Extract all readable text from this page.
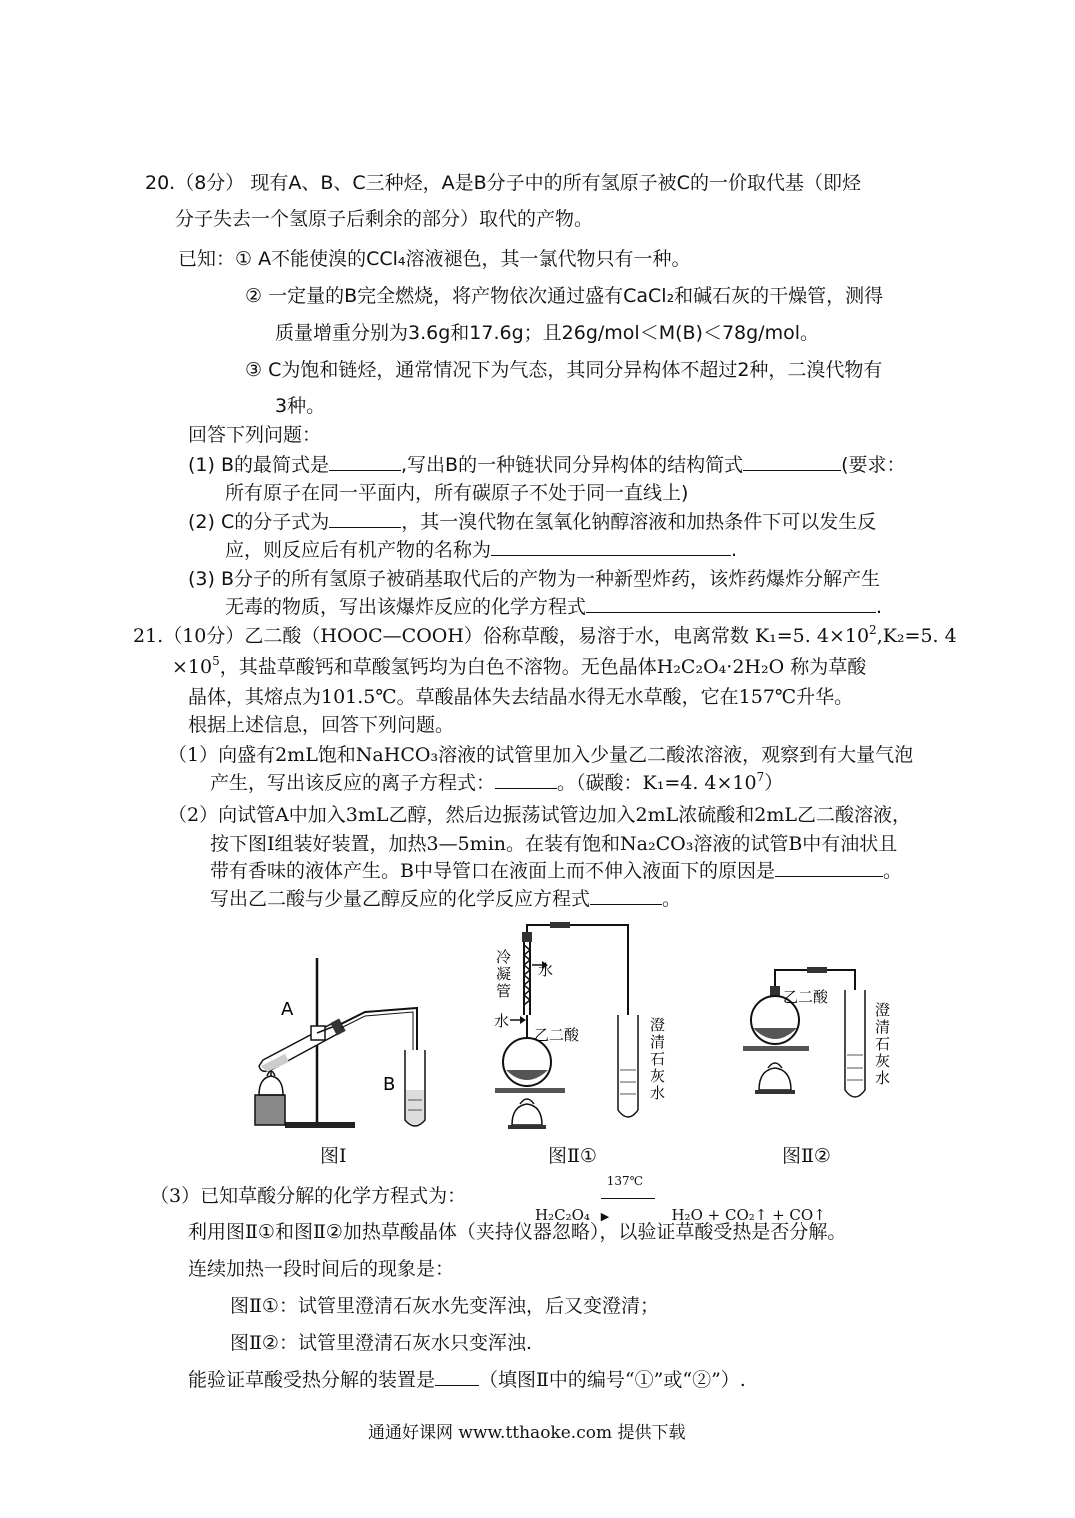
20.（8分） 现有A、B、C三种烃，A是B分子中的所有氢原子被C的一价取代基（即烃
分子失去一个氢原子后剩余的部分）取代的产物。
已知：① A不能使溴的CCl₄溶液褪色，其一氯代物只有一种。
② 一定量的B完全燃烧，将产物依次通过盛有CaCl₂和碱石灰的干燥管，测得
质量增重分别为3.6g和17.6g；且26g/mol＜M(B)＜78g/mol。
③ C为饱和链烃，通常情况下为气态，其同分异构体不超过2种，二溴代物有
3种。
回答下列问题：
(1) B的最简式是	,写出B的一种链状同分异构体的结构简式	(要求：
所有原子在同一平面内，所有碳原子不处于同一直线上)
(2) C的分子式为	，其一溴代物在氢氧化钠醇溶液和加热条件下可以发生反
应，则反应后有机产物的名称为	.
(3) B分子的所有氢原子被硝基取代后的产物为一种新型炸药，该炸药爆炸分解产生
无毒的物质，写出该爆炸反应的化学方程式	.
21.（10分）乙二酸（HOOC—COOH）俗称草酸，易溶于水，电离常数 K₁=5. $4\times 10^2,K_2=5$. 4
$\times 10^5$，其盐草酸钙和草酸氢钙均为白色不溶物。无色晶体H₂C₂O₄·2H₂O 称为草酸
晶体，其熔点为101.5℃。草酸晶体失去结晶水得无水草酸，它在157℃升华。
根据上述信息，回答下列问题。
（1）向盛有2mL饱和NaHCO₃溶液的试管里加入少量乙二酸浓溶液，观察到有大量气泡
产生，写出该反应的离子方程式：	。（碳酸：K₁=4. $4\times 10^7$）
（2）向试管A中加入3mL乙醇，然后边振荡试管边加入2mL浓硫酸和2mL乙二酸溶液，
按下图Ⅰ组装好装置，加热3—5min。在装有饱和Na₂CO₃溶液的试管B中有油状且
带有香味的液体产生。B中导管口在液面上而不伸入液面下的原因是	。
写出乙二酸与少量乙醇反应的化学反应方程式	。
A
B
图Ⅰ
水
水
乙二酸
冷凝管
澄清石灰水
图Ⅱ①
乙二酸
澄清石灰水
图Ⅱ②
（3）已知草酸分解的化学方程式为：
H₂C₂O₄
137℃
▶	H₂O + CO₂↑ + CO↑
利用图Ⅱ①和图Ⅱ②加热草酸晶体（夹持仪器忽略），以验证草酸受热是否分解。
连续加热一段时间后的现象是：
图Ⅱ①：试管里澄清石灰水先变浑浊，后又变澄清；
图Ⅱ②：试管里澄清石灰水只变浑浊.
能验证草酸受热分解的装置是 （填图Ⅱ中的编号“①”或“②”）.
通通好课网 www.tthaoke.com 提供下载
